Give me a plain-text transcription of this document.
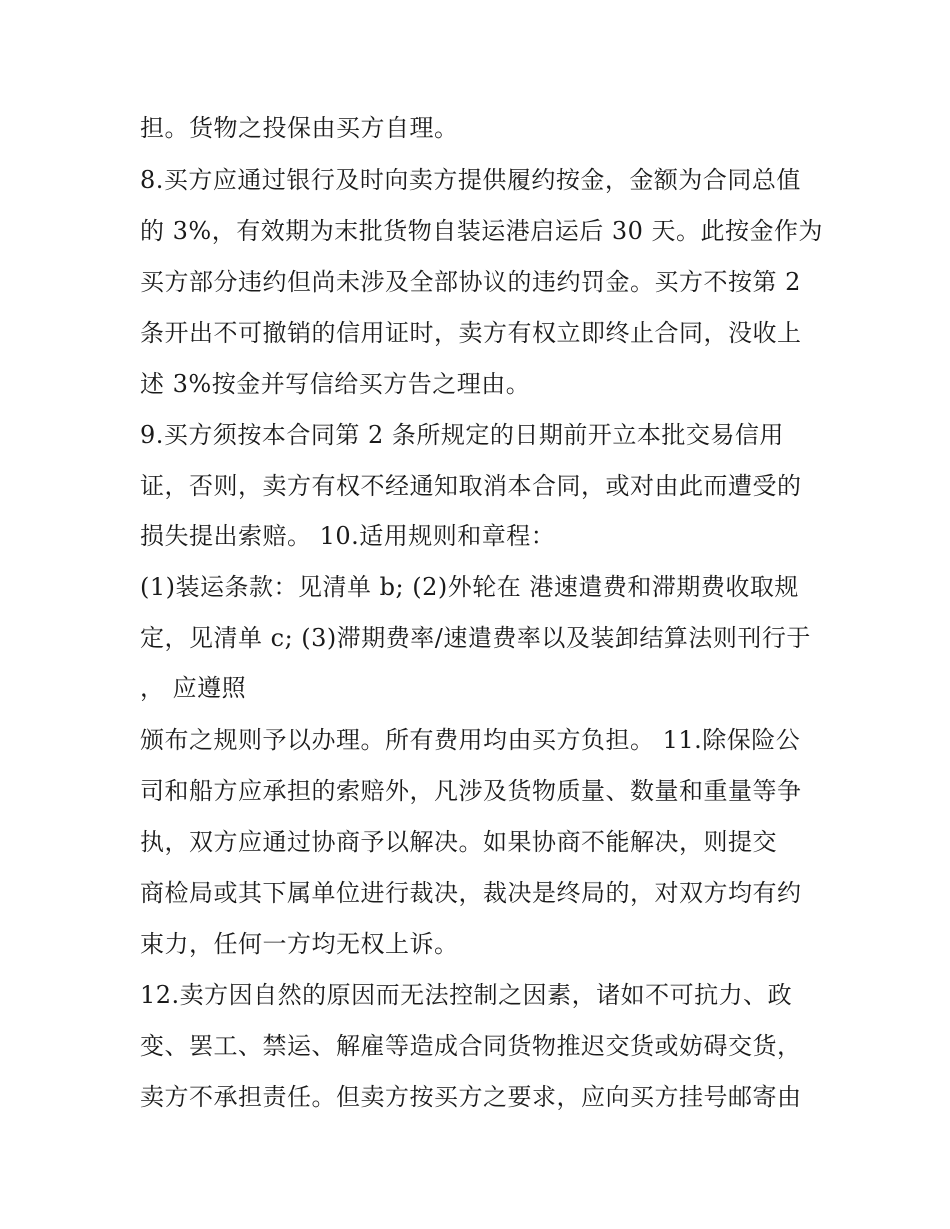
担。货物之投保由买方自理。

8.买方应通过银行及时向卖方提供履约按金，金额为合同总值

的 3%，有效期为末批货物自装运港启运后 30 天。此按金作为

买方部分违约但尚未涉及全部协议的违约罚金。买方不按第 2

条开出不可撤销的信用证时，卖方有权立即终止合同，没收上

述 3%按金并写信给买方告之理由。

9.买方须按本合同第 2 条所规定的日期前开立本批交易信用

证，否则，卖方有权不经通知取消本合同，或对由此而遭受的

损失提出索赔。 10.适用规则和章程：

(1)装运条款：见清单 b; (2)外轮在 港速遣费和滞期费收取规

定，见清单 c; (3)滞期费率/速遣费率以及装卸结算法则刊行于

， 应遵照

颁布之规则予以办理。所有费用均由买方负担。 11.除保险公

司和船方应承担的索赔外，凡涉及货物质量、数量和重量等争

执，双方应通过协商予以解决。如果协商不能解决，则提交

商检局或其下属单位进行裁决，裁决是终局的，对双方均有约

束力，任何一方均无权上诉。

12.卖方因自然的原因而无法控制之因素，诸如不可抗力、政

变、罢工、禁运、解雇等造成合同货物推迟交货或妨碍交货，

卖方不承担责任。但卖方按买方之要求，应向买方挂号邮寄由
